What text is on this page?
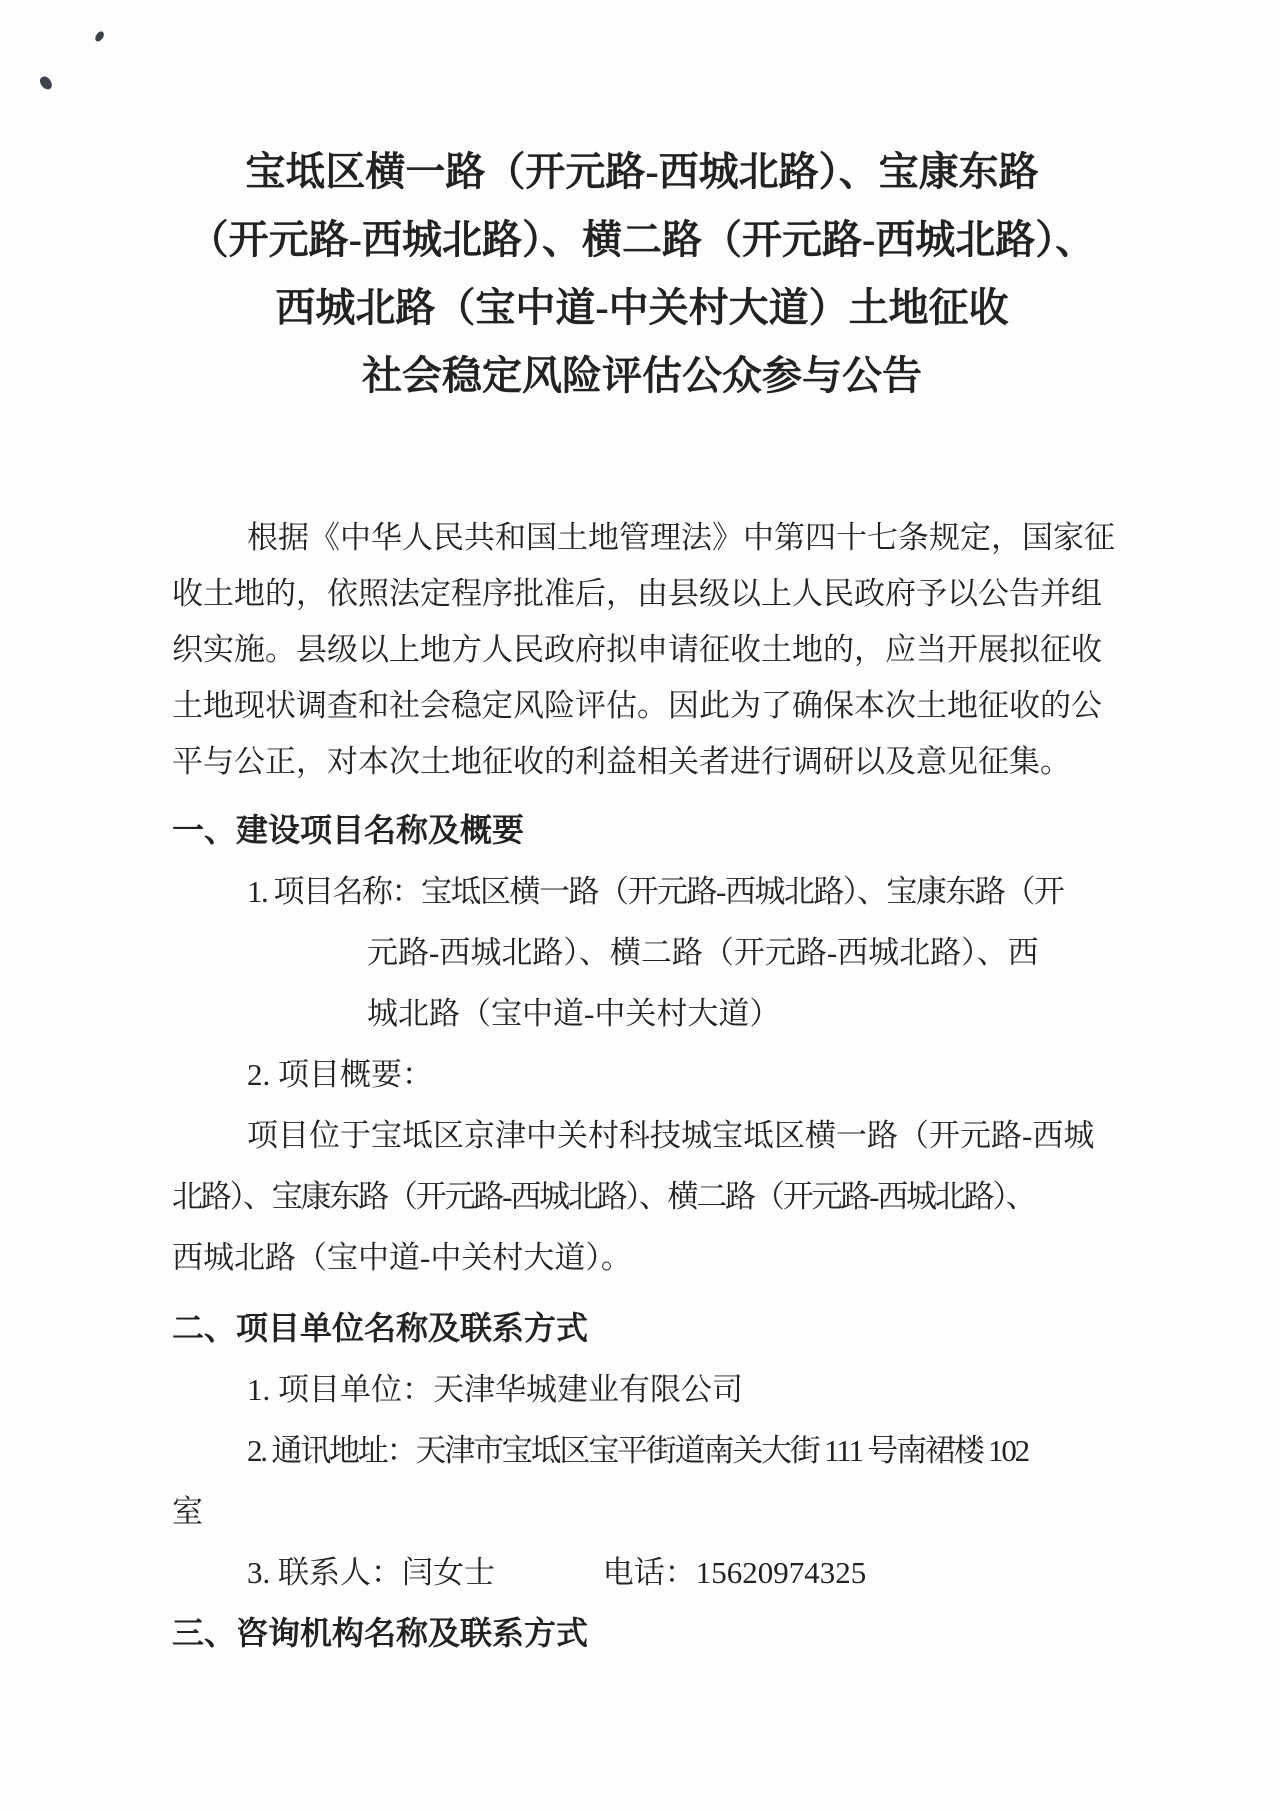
宝坻区横一路（开元路-西城北路）、宝康东路
（开元路-西城北路）、横二路（开元路-西城北路）、
西城北路（宝中道-中关村大道）土地征收
社会稳定风险评估公众参与公告
根据《中华人民共和国土地管理法》中第四十七条规定，国家征
收土地的，依照法定程序批准后，由县级以上人民政府予以公告并组
织实施。县级以上地方人民政府拟申请征收土地的，应当开展拟征收
土地现状调查和社会稳定风险评估。因此为了确保本次土地征收的公
平与公正，对本次土地征收的利益相关者进行调研以及意见征集。
一、建设项目名称及概要
1. 项目名称：宝坻区横一路（开元路-西城北路）、宝康东路（开
元路-西城北路）、横二路（开元路-西城北路）、西
城北路（宝中道-中关村大道）
2. 项目概要：
项目位于宝坻区京津中关村科技城宝坻区横一路（开元路-西城
北路）、宝康东路（开元路-西城北路）、横二路（开元路-西城北路）、
西城北路（宝中道-中关村大道）。
二、项目单位名称及联系方式
1. 项目单位：天津华城建业有限公司
2. 通讯地址：天津市宝坻区宝平街道南关大街 111 号南裙楼 102
室
3. 联系人：闫女士	电话：15620974325
三、咨询机构名称及联系方式
